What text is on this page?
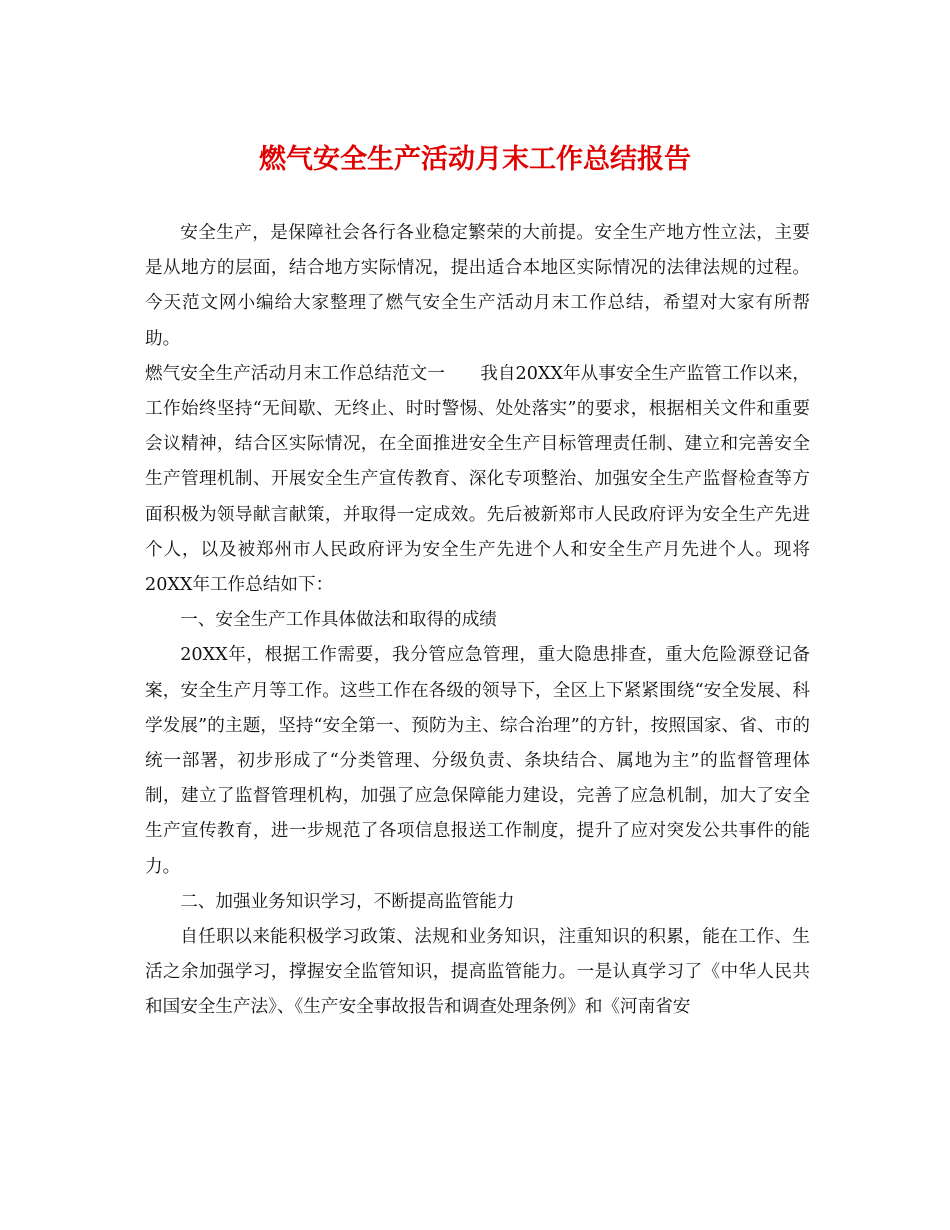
燃气安全生产活动月末工作总结报告

安全生产，是保障社会各行各业稳定繁荣的大前提。安全生产地方性立法，主要是从地方的层面，结合地方实际情况，提出适合本地区实际情况的法律法规的过程。今天范文网小编给大家整理了燃气安全生产活动月末工作总结，希望对大家有所帮助。

燃气安全生产活动月末工作总结范文一　　我自20XX年从事安全生产监管工作以来，工作始终坚持“无间歇、无终止、时时警惕、处处落实”的要求，根据相关文件和重要会议精神，结合区实际情况，在全面推进安全生产目标管理责任制、建立和完善安全生产管理机制、开展安全生产宣传教育、深化专项整治、加强安全生产监督检查等方面积极为领导献言献策，并取得一定成效。先后被新郑市人民政府评为安全生产先进个人，以及被郑州市人民政府评为安全生产先进个人和安全生产月先进个人。现将20XX年工作总结如下：

一、安全生产工作具体做法和取得的成绩

20XX年，根据工作需要，我分管应急管理，重大隐患排查，重大危险源登记备案，安全生产月等工作。这些工作在各级的领导下，全区上下紧紧围绕“安全发展、科学发展”的主题，坚持“安全第一、预防为主、综合治理”的方针，按照国家、省、市的统一部署，初步形成了“分类管理、分级负责、条块结合、属地为主”的监督管理体制，建立了监督管理机构，加强了应急保障能力建设，完善了应急机制，加大了安全生产宣传教育，进一步规范了各项信息报送工作制度，提升了应对突发公共事件的能力。

二、加强业务知识学习，不断提高监管能力

自任职以来能积极学习政策、法规和业务知识，注重知识的积累，能在工作、生活之余加强学习，撑握安全监管知识，提高监管能力。一是认真学习了《中华人民共和国安全生产法》、《生产安全事故报告和调查处理条例》和《河南省安
